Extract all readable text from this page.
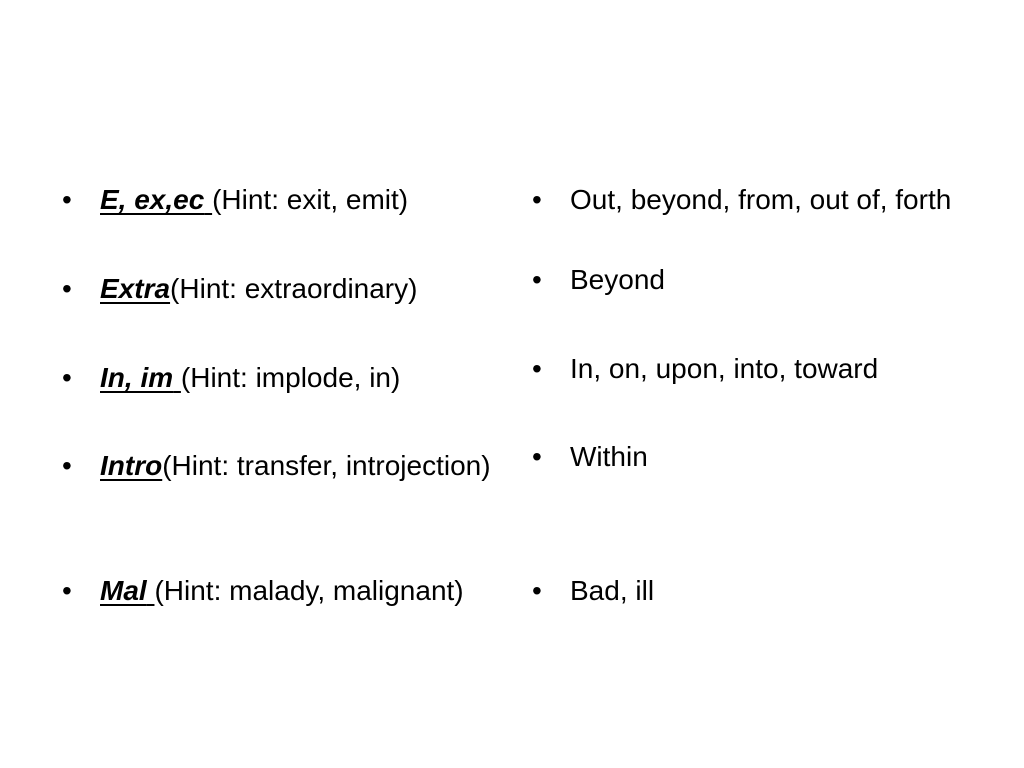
• E, ex,ec (Hint: exit, emit)
• Extra(Hint: extraordinary)
• In, im (Hint: implode, in)
• Intro(Hint: transfer, introjection)
• Mal (Hint: malady, malignant)
• Out, beyond, from, out of, forth
• Beyond
• In, on, upon, into, toward
• Within
• Bad, ill
